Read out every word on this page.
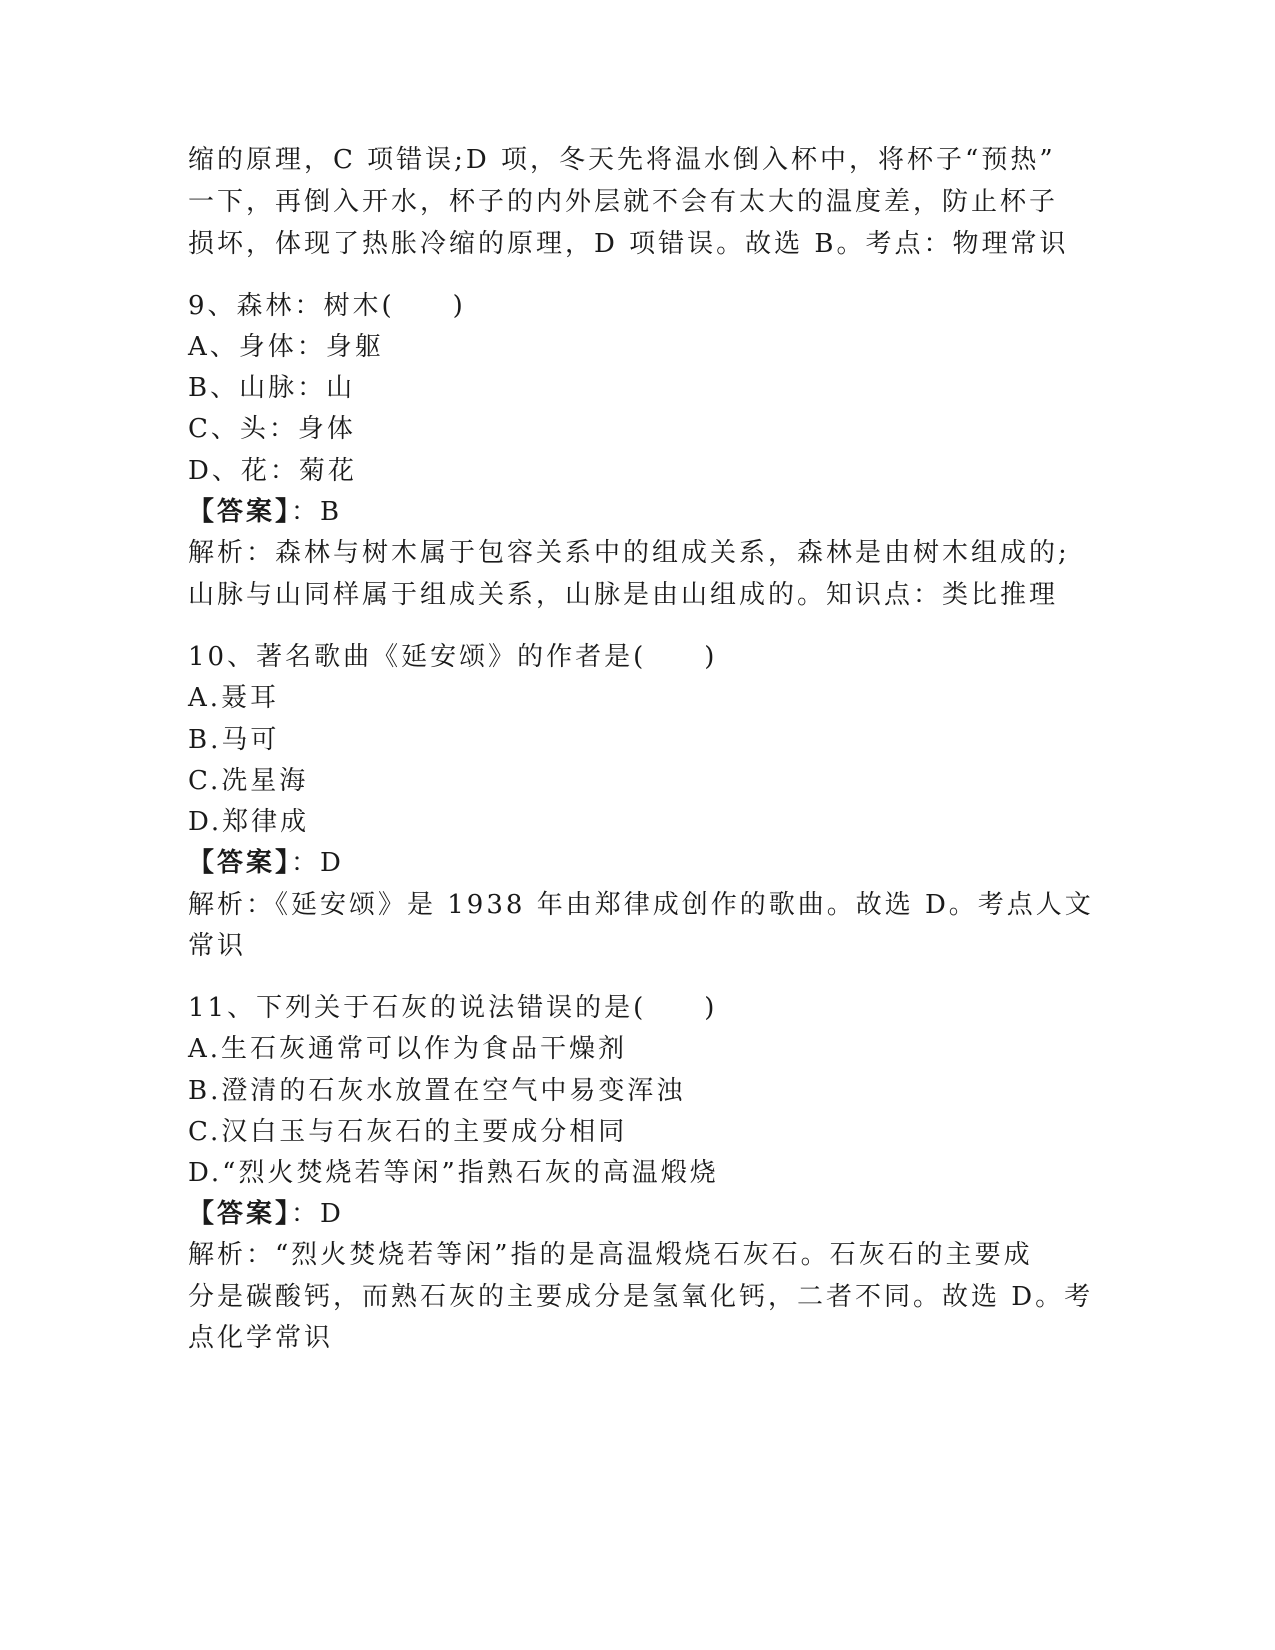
缩的原理，C 项错误;D 项，冬天先将温水倒入杯中，将杯子“预热”
一下，再倒入开水，杯子的内外层就不会有太大的温度差，防止杯子
损坏，体现了热胀冷缩的原理，D 项错误。故选 B。考点：物理常识
9、森林：树木(　　)
A、身体：身躯
B、山脉：山
C、头：身体
D、花：菊花
【答案】：B
解析：森林与树木属于包容关系中的组成关系，森林是由树木组成的;
山脉与山同样属于组成关系，山脉是由山组成的。知识点：类比推理
10、著名歌曲《延安颂》的作者是(　　)
A.聂耳
B.马可
C.冼星海
D.郑律成
【答案】：D
解析：《延安颂》是 1938 年由郑律成创作的歌曲。故选 D。考点人文
常识
11、下列关于石灰的说法错误的是(　　)
A.生石灰通常可以作为食品干燥剂
B.澄清的石灰水放置在空气中易变浑浊
C.汉白玉与石灰石的主要成分相同
D.“烈火焚烧若等闲”指熟石灰的高温煅烧
【答案】：D
解析：“烈火焚烧若等闲”指的是高温煅烧石灰石。石灰石的主要成
分是碳酸钙，而熟石灰的主要成分是氢氧化钙，二者不同。故选 D。考
点化学常识
